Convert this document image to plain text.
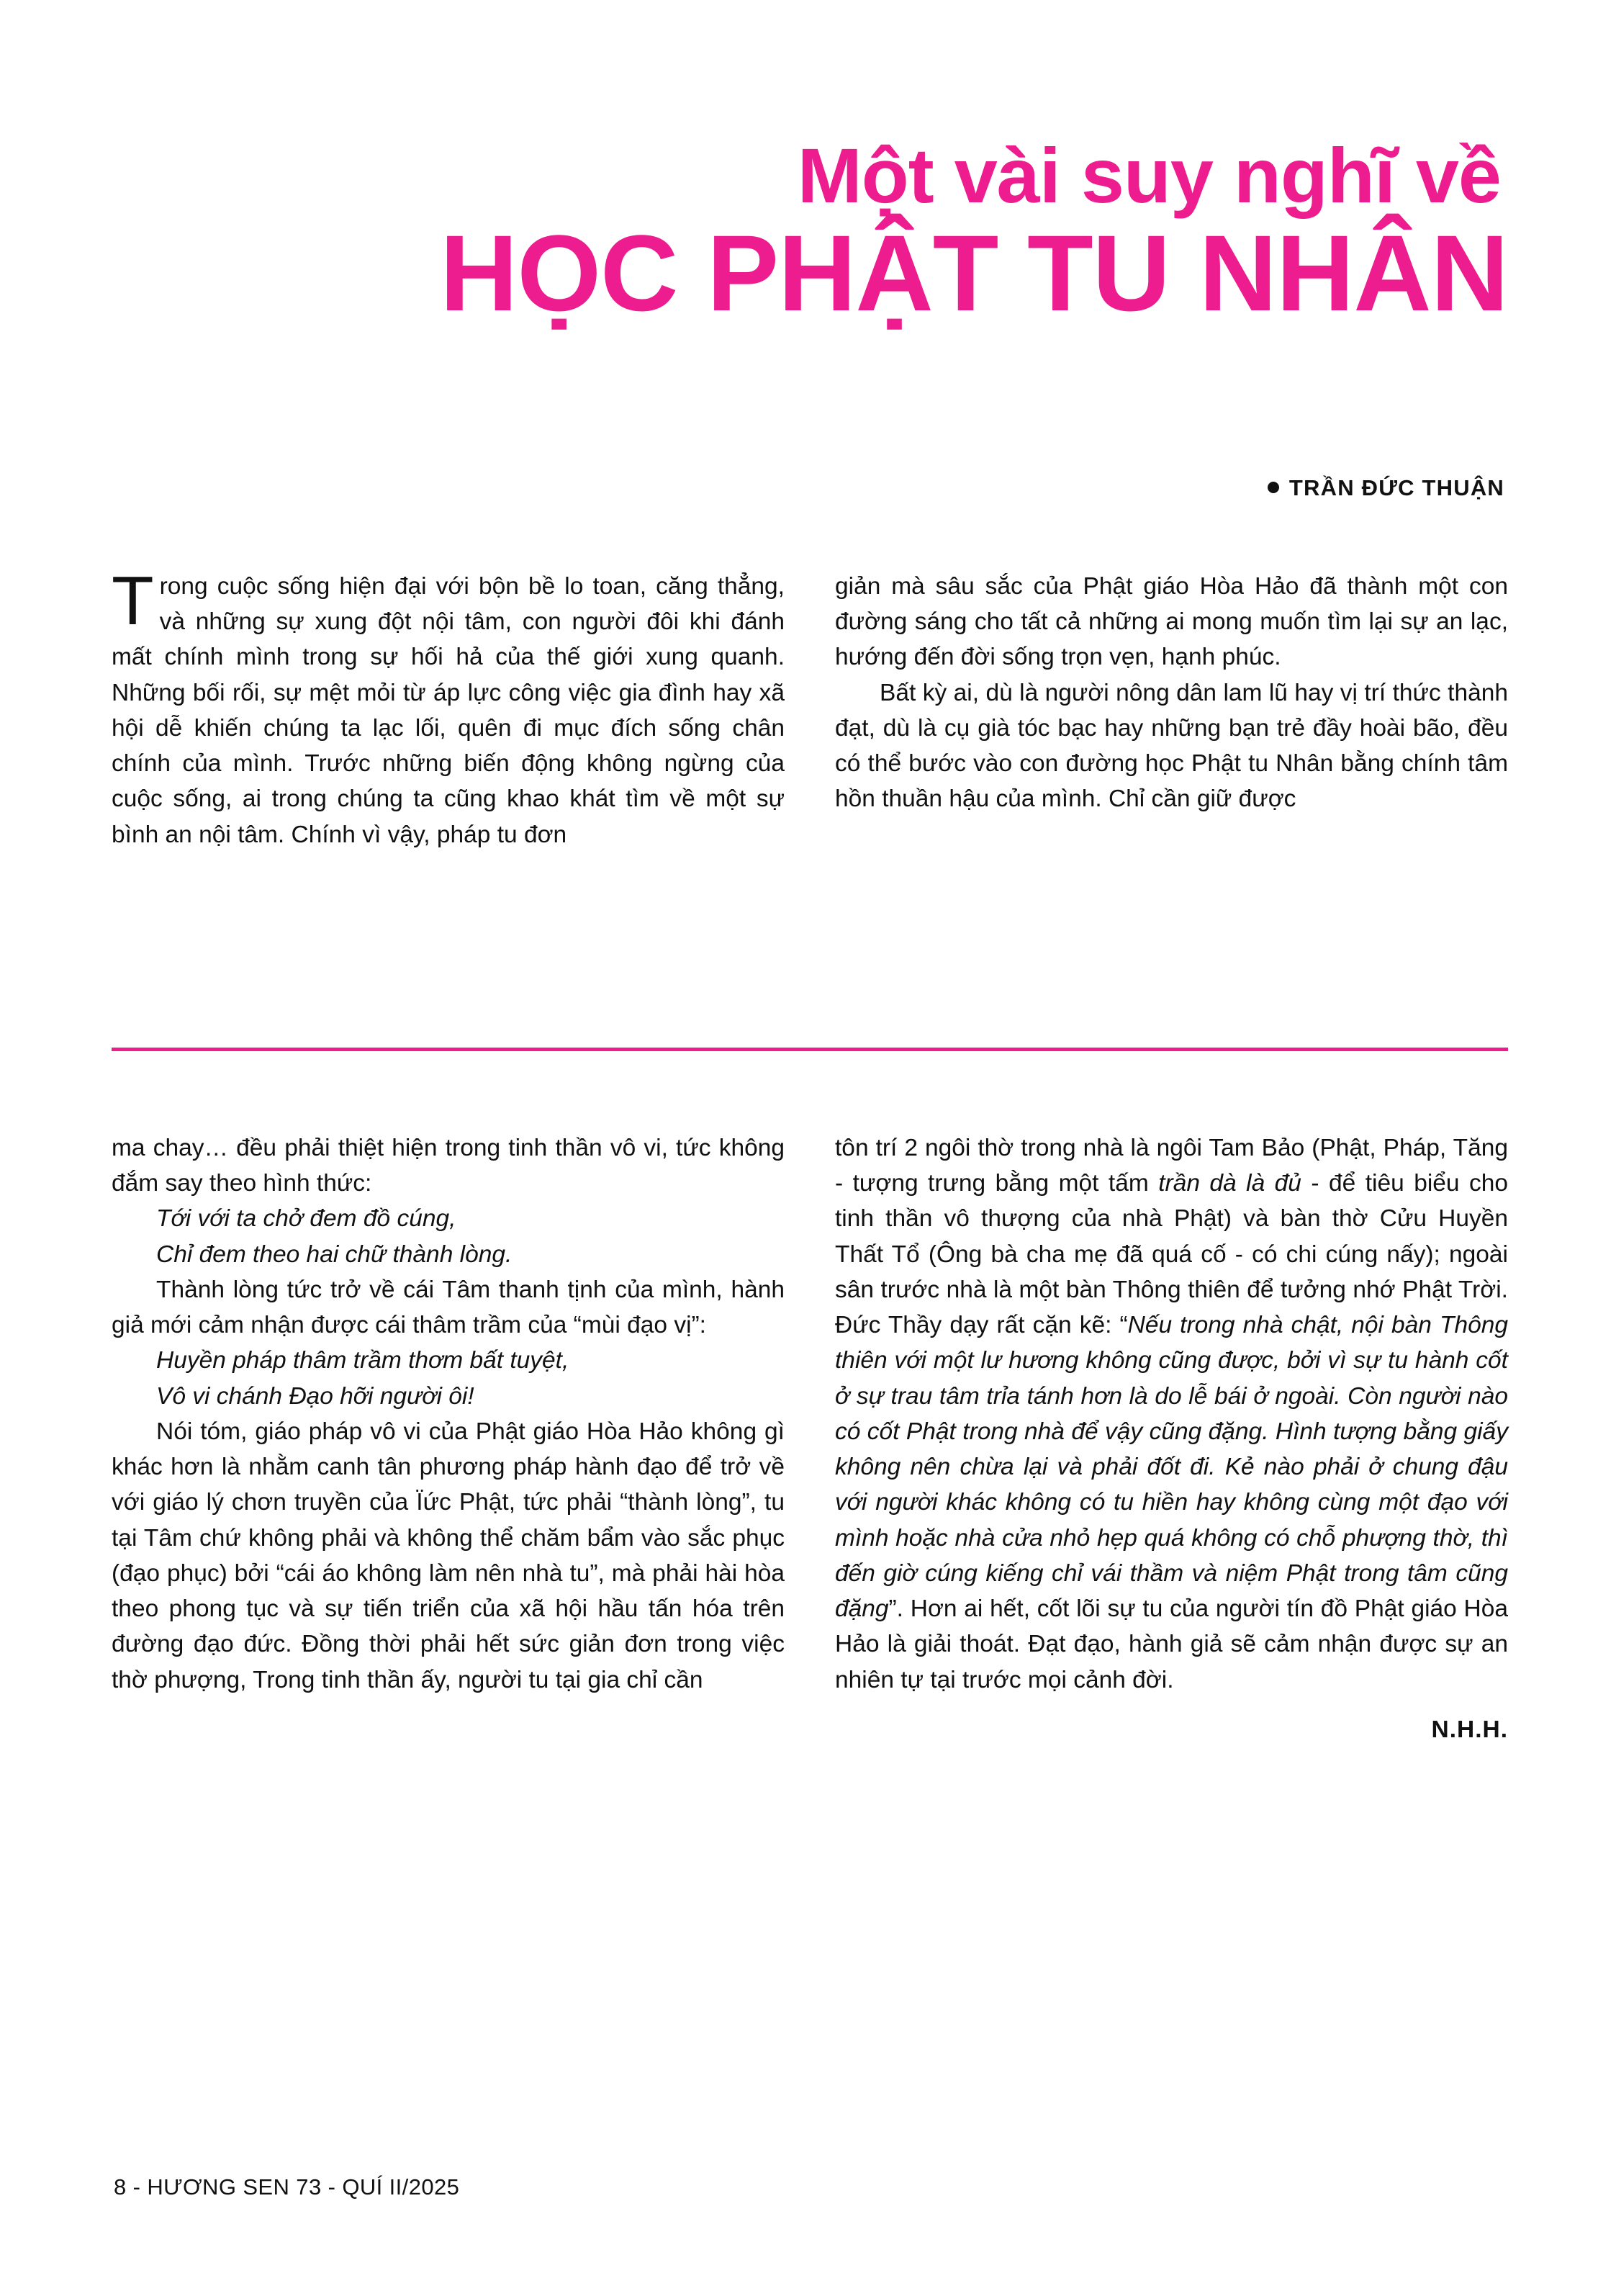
Một vài suy nghĩ về
HỌC PHẬT TU NHÂN
TRẦN ĐỨC THUẬN

Trong cuộc sống hiện đại với bộn bề lo toan, căng thẳng, và những sự xung đột nội tâm, con người đôi khi đánh mất chính mình trong sự hối hả của thế giới xung quanh. Những bối rối, sự mệt mỏi từ áp lực công việc gia đình hay xã hội dễ khiến chúng ta lạc lối, quên đi mục đích sống chân chính của mình. Trước những biến động không ngừng của cuộc sống, ai trong chúng ta cũng khao khát tìm về một sự bình an nội tâm. Chính vì vậy, pháp tu đơn

giản mà sâu sắc của Phật giáo Hòa Hảo đã thành một con đường sáng cho tất cả những ai mong muốn tìm lại sự an lạc, hướng đến đời sống trọn vẹn, hạnh phúc.

Bất kỳ ai, dù là người nông dân lam lũ hay vị trí thức thành đạt, dù là cụ già tóc bạc hay những bạn trẻ đầy hoài bão, đều có thể bước vào con đường học Phật tu Nhân bằng chính tâm hồn thuần hậu của mình. Chỉ cần giữ được

ma chay… đều phải thiệt hiện trong tinh thần vô vi, tức không đắm say theo hình thức:

Tới với ta chở đem đồ cúng,

Chỉ đem theo hai chữ thành lòng.

Thành lòng tức trở về cái Tâm thanh tịnh của mình, hành giả mới cảm nhận được cái thâm trầm của “mùi đạo vị”:

Huyền pháp thâm trầm thơm bất tuyệt,

Vô vi chánh Đạo hỡi người ôi!

Nói tóm, giáo pháp vô vi của Phật giáo Hòa Hảo không gì khác hơn là nhằm canh tân phương pháp hành đạo để trở về với giáo lý chơn truyền của Ïức Phật, tức phải “thành lòng”, tu tại Tâm chứ không phải và không thể chăm bẩm vào sắc phục (đạo phục) bởi “cái áo không làm nên nhà tu”, mà phải hài hòa theo phong tục và sự tiến triển của xã hội hầu tấn hóa trên đường đạo đức. Đồng thời phải hết sức giản đơn trong việc thờ phượng, Trong tinh thần ấy, người tu tại gia chỉ cần

tôn trí 2 ngôi thờ trong nhà là ngôi Tam Bảo (Phật, Pháp, Tăng - tượng trưng bằng một tấm trần dà là đủ - để tiêu biểu cho tinh thần vô thượng của nhà Phật) và bàn thờ Cửu Huyền Thất Tổ (Ông bà cha mẹ đã quá cố - có chi cúng nấy); ngoài sân trước nhà là một bàn Thông thiên để tưởng nhớ Phật Trời. Đức Thầy dạy rất cặn kẽ: “Nếu trong nhà chật, nội bàn Thông thiên với một lư hương không cũng được, bởi vì sự tu hành cốt ở sự trau tâm trỉa tánh hơn là do lễ bái ở ngoài. Còn người nào có cốt Phật trong nhà để vậy cũng đặng. Hình tượng bằng giấy không nên chừa lại và phải đốt đi. Kẻ nào phải ở chung đậu với người khác không có tu hiền hay không cùng một đạo với mình hoặc nhà cửa nhỏ hẹp quá không có chỗ phượng thờ, thì đến giờ cúng kiếng chỉ vái thầm và niệm Phật trong tâm cũng đặng”. Hơn ai hết, cốt lõi sự tu của người tín đồ Phật giáo Hòa Hảo là giải thoát. Đạt đạo, hành giả sẽ cảm nhận được sự an nhiên tự tại trước mọi cảnh đời.

N.H.H.
8 - HƯƠNG SEN 73 - QUÍ II/2025
